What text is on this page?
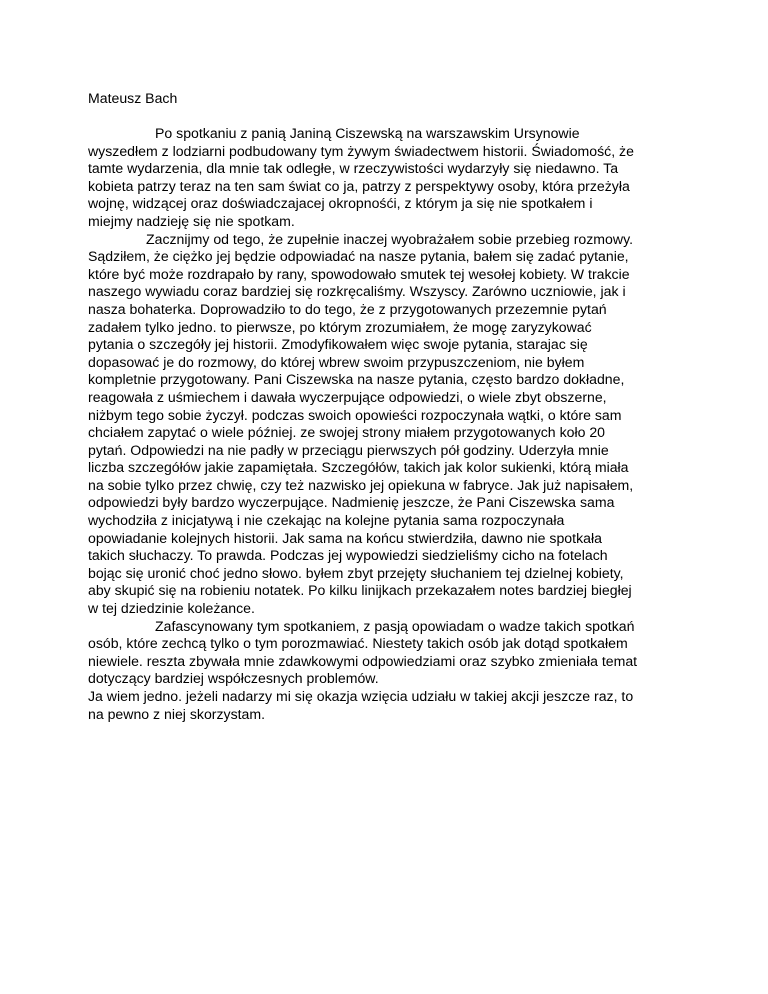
Mateusz Bach

Po spotkaniu z panią Janiną Ciszewską na warszawskim Ursynowie
wyszedłem z lodziarni podbudowany tym żywym świadectwem historii. Świadomość, że
tamte wydarzenia, dla mnie tak odległe, w rzeczywistości wydarzyły się niedawno. Ta
kobieta patrzy teraz na ten sam świat co ja, patrzy z perspektywy osoby, która przeżyła
wojnę, widzącej oraz doświadczajacej okropnośći, z którym ja się nie spotkałem i
miejmy nadzieję się nie spotkam.

Zacznijmy od tego, że zupełnie inaczej wyobrażałem sobie przebieg rozmowy.
Sądziłem, że ciężko jej będzie odpowiadać na nasze pytania, bałem się zadać pytanie,
które być może rozdrapało by rany, spowodowało smutek tej wesołej kobiety. W trakcie
naszego wywiadu coraz bardziej się rozkręcaliśmy. Wszyscy. Zarówno uczniowie, jak i
nasza bohaterka. Doprowadziło to do tego, że z przygotowanych przezemnie pytań
zadałem tylko jedno. to pierwsze, po którym zrozumiałem, że mogę zaryzykować
pytania o szczegóły jej historii. Zmodyfikowałem więc swoje pytania, starajac się
dopasować je do rozmowy, do której wbrew swoim przypuszczeniom, nie byłem
kompletnie przygotowany. Pani Ciszewska na nasze pytania, często bardzo dokładne,
reagowała z uśmiechem i dawała wyczerpujące odpowiedzi, o wiele zbyt obszerne,
niżbym tego sobie życzył. podczas swoich opowieści rozpoczynała wątki, o które sam
chciałem zapytać o wiele później. ze swojej strony miałem przygotowanych koło 20
pytań. Odpowiedzi na nie padły w przeciągu pierwszych pół godziny. Uderzyła mnie
liczba szczegółów jakie zapamiętała. Szczegółów, takich jak kolor sukienki, którą miała
na sobie tylko przez chwię, czy też nazwisko jej opiekuna w fabryce. Jak już napisałem,
odpowiedzi były bardzo wyczerpujące. Nadmienię jeszcze, że Pani Ciszewska sama
wychodziła z inicjatywą i nie czekając na kolejne pytania sama rozpoczynała
opowiadanie kolejnych historii. Jak sama na końcu stwierdziła, dawno nie spotkała
takich słuchaczy. To prawda. Podczas jej wypowiedzi siedzieliśmy cicho na fotelach
bojąc się uronić choć jedno słowo. byłem zbyt przejęty słuchaniem tej dzielnej kobiety,
aby skupić się na robieniu notatek. Po kilku linijkach przekazałem notes bardziej biegłej
w tej dziedzinie koleżance.

Zafascynowany tym spotkaniem, z pasją opowiadam o wadze takich spotkań
osób, które zechcą tylko o tym porozmawiać. Niestety takich osób jak dotąd spotkałem
niewiele. reszta zbywała mnie zdawkowymi odpowiedziami oraz szybko zmieniała temat
dotyczący bardziej współczesnych problemów.

Ja wiem jedno. jeżeli nadarzy mi się okazja wzięcia udziału w takiej akcji jeszcze raz, to
na pewno z niej skorzystam.
